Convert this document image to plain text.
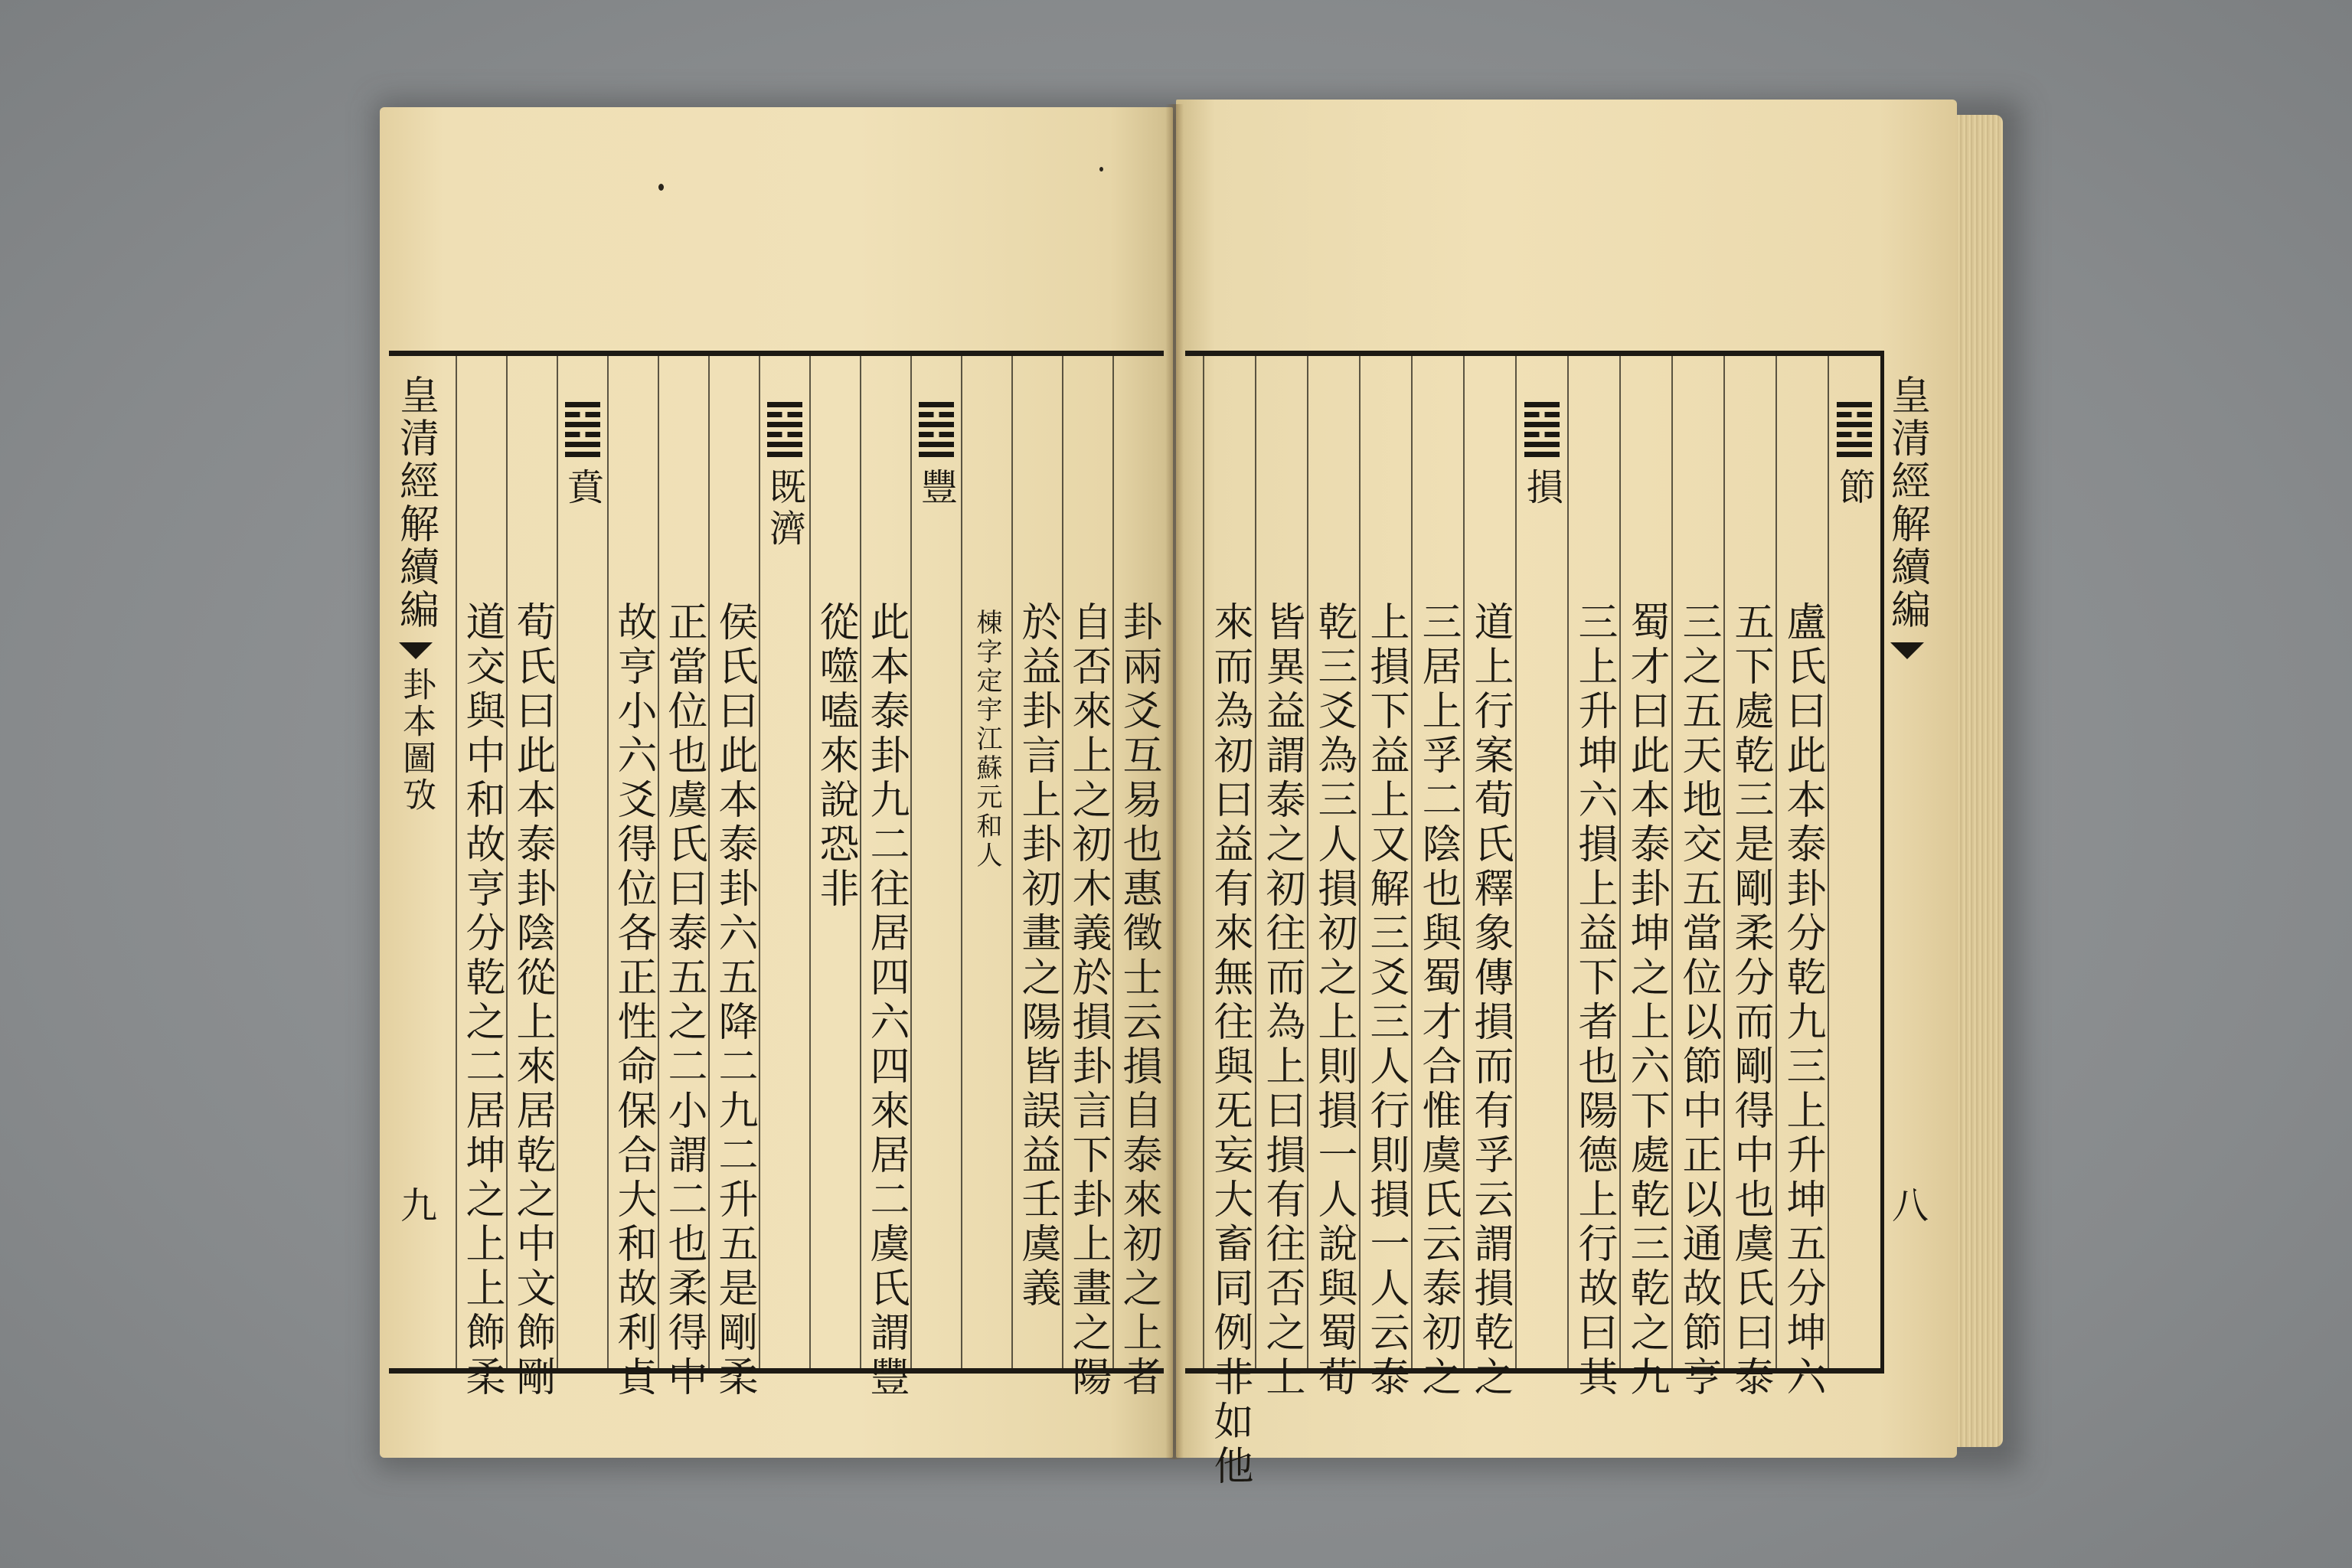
皇清經解續編
卦本圖攷
九	卦兩爻互易也惠徵士云損自泰來初之上者
自否來上之初木義於損卦言下卦上畫之陽
於益卦言上卦初畫之陽皆誤益壬虞義
棟字定宇江蘇元和人
豐
此本泰卦九二往居四六四來居二虞氏謂豐
從噬嗑來說恐非
既濟
侯氏曰此本泰卦六五降二九二升五是剛柔
正當位也虞氏曰泰五之二小謂二也柔得中
故亨小六爻得位各正性命保合大和故利貞
賁
荀氏曰此本泰卦陰從上來居乾之中文飾剛
道交與中和故亨分乾之二居坤之上上飾柔
節
盧氏曰此本泰卦分乾九三上升坤五分坤六
五下處乾三是剛柔分而剛得中也虞氏曰泰
三之五天地交五當位以節中正以通故節亨
蜀才曰此本泰卦坤之上六下處乾三乾之九
三上升坤六損上益下者也陽德上行故曰其
損
道上行案荀氏釋象傳損而有孚云謂損乾之
三居上孚二陰也與蜀才合惟虞氏云泰初之
上損下益上又解三爻三人行則損一人云泰
乾三爻為三人損初之上則損一人說與蜀荀
皆異益謂泰之初往而為上曰損有往否之上
來而為初曰益有來無往與旡妄大畜同例非如他
皇清經解續編
八
